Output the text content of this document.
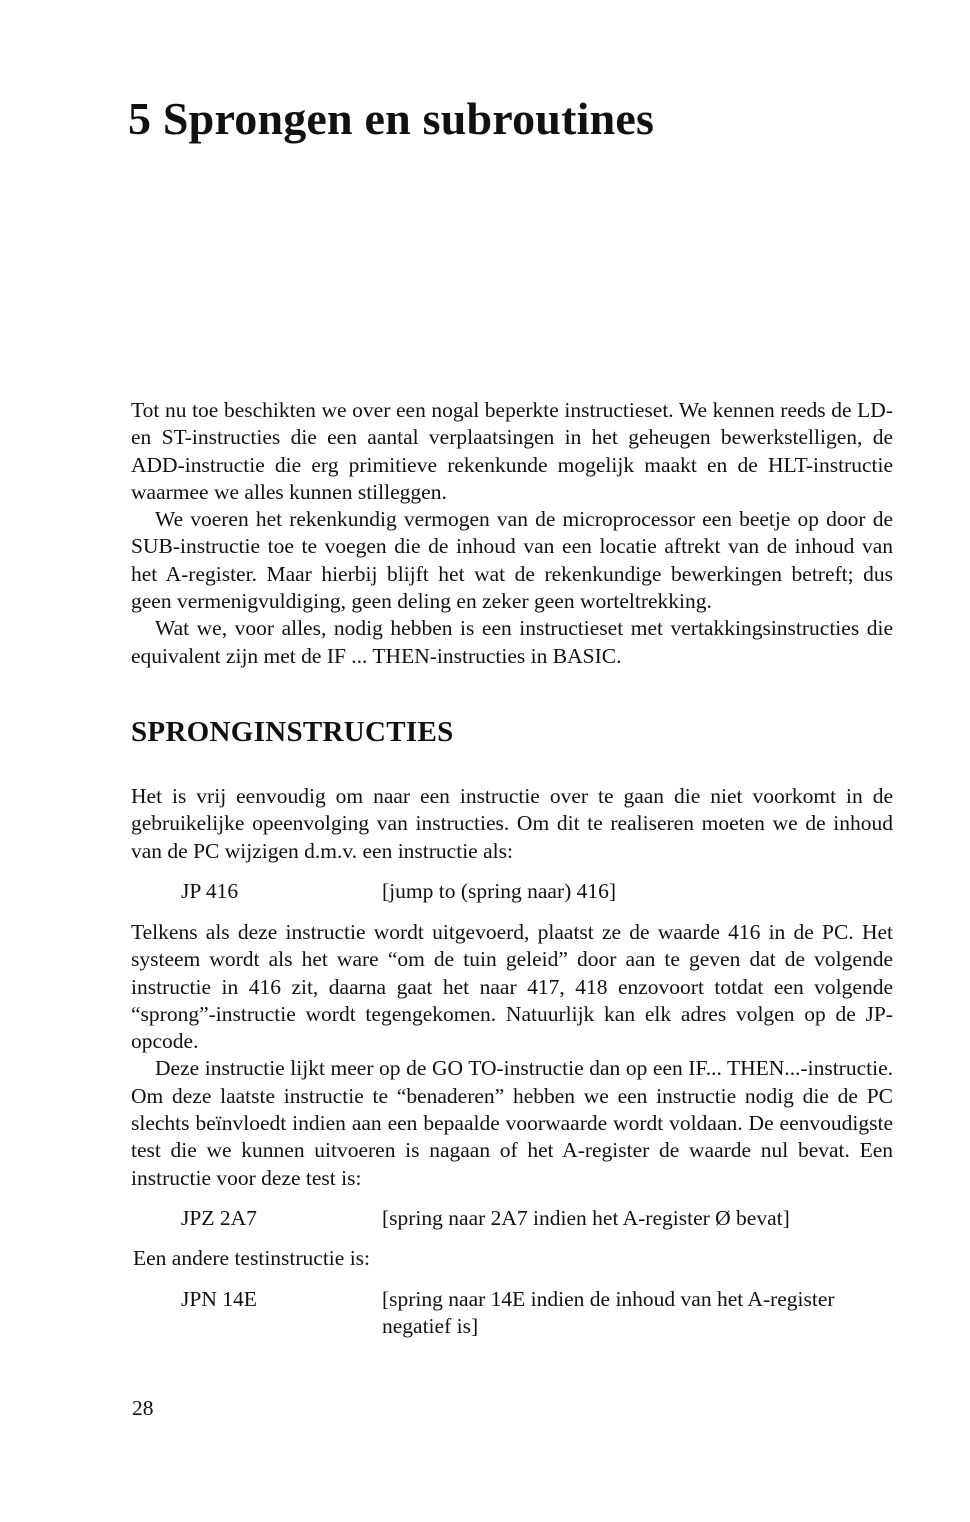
5 Sprongen en subroutines

Tot nu toe beschikten we over een nogal beperkte instructieset. We kennen reeds de LD- en ST-instructies die een aantal verplaatsingen in het geheugen bewerkstelligen, de ADD-instructie die erg primitieve rekenkunde mogelijk maakt en de HLT-instructie waarmee we alles kunnen stilleggen.

We voeren het rekenkundig vermogen van de microprocessor een beetje op door de SUB-instructie toe te voegen die de inhoud van een locatie aftrekt van de inhoud van het A-register. Maar hierbij blijft het wat de rekenkundige bewerkingen betreft; dus geen vermenigvuldiging, geen deling en zeker geen worteltrekking.

Wat we, voor alles, nodig hebben is een instructieset met vertakkingsinstructies die equivalent zijn met de IF ... THEN-instructies in BASIC.

SPRONGINSTRUCTIES

Het is vrij eenvoudig om naar een instructie over te gaan die niet voorkomt in de gebruikelijke opeenvolging van instructies. Om dit te realiseren moeten we de inhoud van de PC wijzigen d.m.v. een instructie als:

JP 416	[jump to (spring naar) 416]

Telkens als deze instructie wordt uitgevoerd, plaatst ze de waarde 416 in de PC. Het systeem wordt als het ware “om de tuin geleid” door aan te geven dat de volgende instructie in 416 zit, daarna gaat het naar 417, 418 enzovoort totdat een volgende “sprong”-instructie wordt tegengekomen. Natuurlijk kan elk adres volgen op de JP-opcode.

Deze instructie lijkt meer op de GO TO-instructie dan op een IF... THEN...-instructie. Om deze laatste instructie te “benaderen” hebben we een instructie nodig die de PC slechts beïnvloedt indien aan een bepaalde voorwaarde wordt voldaan. De eenvoudigste test die we kunnen uitvoeren is nagaan of het A-register de waarde nul bevat. Een instructie voor deze test is:

JPZ 2A7	[spring naar 2A7 indien het A-register Ø bevat]
Een andere testinstructie is:
JPN 14E	[spring naar 14E indien de inhoud van het A-register negatief is]
28
